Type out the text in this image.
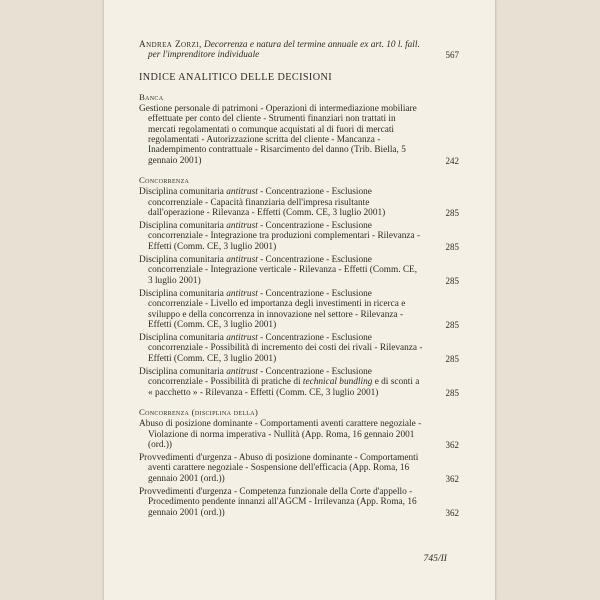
Andrea Zorzi, Decorrenza e natura del termine annuale ex art. 10 l. fall. per l'imprenditore individuale	567
INDICE ANALITICO DELLE DECISIONI
Banca
Gestione personale di patrimoni - Operazioni di intermediazione mobiliare effettuate per conto del cliente - Strumenti finanziari non trattati in mercati regolamentati o comunque acquistati al di fuori di mercati regolamentati - Autorizzazione scritta del cliente - Mancanza - Inadempimento contrattuale - Risarcimento del danno (Trib. Biella, 5 gennaio 2001)	242
Concorrenza
Disciplina comunitaria antitrust - Concentrazione - Esclusione concorrenziale - Capacità finanziaria dell'impresa risultante dall'operazione - Rilevanza - Effetti (Comm. CE, 3 luglio 2001)	285
Disciplina comunitaria antitrust - Concentrazione - Esclusione concorrenziale - Integrazione tra produzioni complementari - Rilevanza - Effetti (Comm. CE, 3 luglio 2001)	285
Disciplina comunitaria antitrust - Concentrazione - Esclusione concorrenziale - Integrazione verticale - Rilevanza - Effetti (Comm. CE, 3 luglio 2001)	285
Disciplina comunitaria antitrust - Concentrazione - Esclusione concorrenziale - Livello ed importanza degli investimenti in ricerca e sviluppo e della concorrenza in innovazione nel settore - Rilevanza - Effetti (Comm. CE, 3 luglio 2001)	285
Disciplina comunitaria antitrust - Concentrazione - Esclusione concorrenziale - Possibilità di incremento dei costi dei rivali - Rilevanza - Effetti (Comm. CE, 3 luglio 2001)	285
Disciplina comunitaria antitrust - Concentrazione - Esclusione concorrenziale - Possibilità di pratiche di technical bundling e di sconti a « pacchetto » - Rilevanza - Effetti (Comm. CE, 3 luglio 2001)	285
Concorrenza (disciplina della)
Abuso di posizione dominante - Comportamenti aventi carattere negoziale - Violazione di norma imperativa - Nullità (App. Roma, 16 gennaio 2001 (ord.))	362
Provvedimenti d'urgenza - Abuso di posizione dominante - Comportamenti aventi carattere negoziale - Sospensione dell'efficacia (App. Roma, 16 gennaio 2001 (ord.))	362
Provvedimenti d'urgenza - Competenza funzionale della Corte d'appello - Procedimento pendente innanzi all'AGCM - Irrilevanza (App. Roma, 16 gennaio 2001 (ord.))	362
745/II
